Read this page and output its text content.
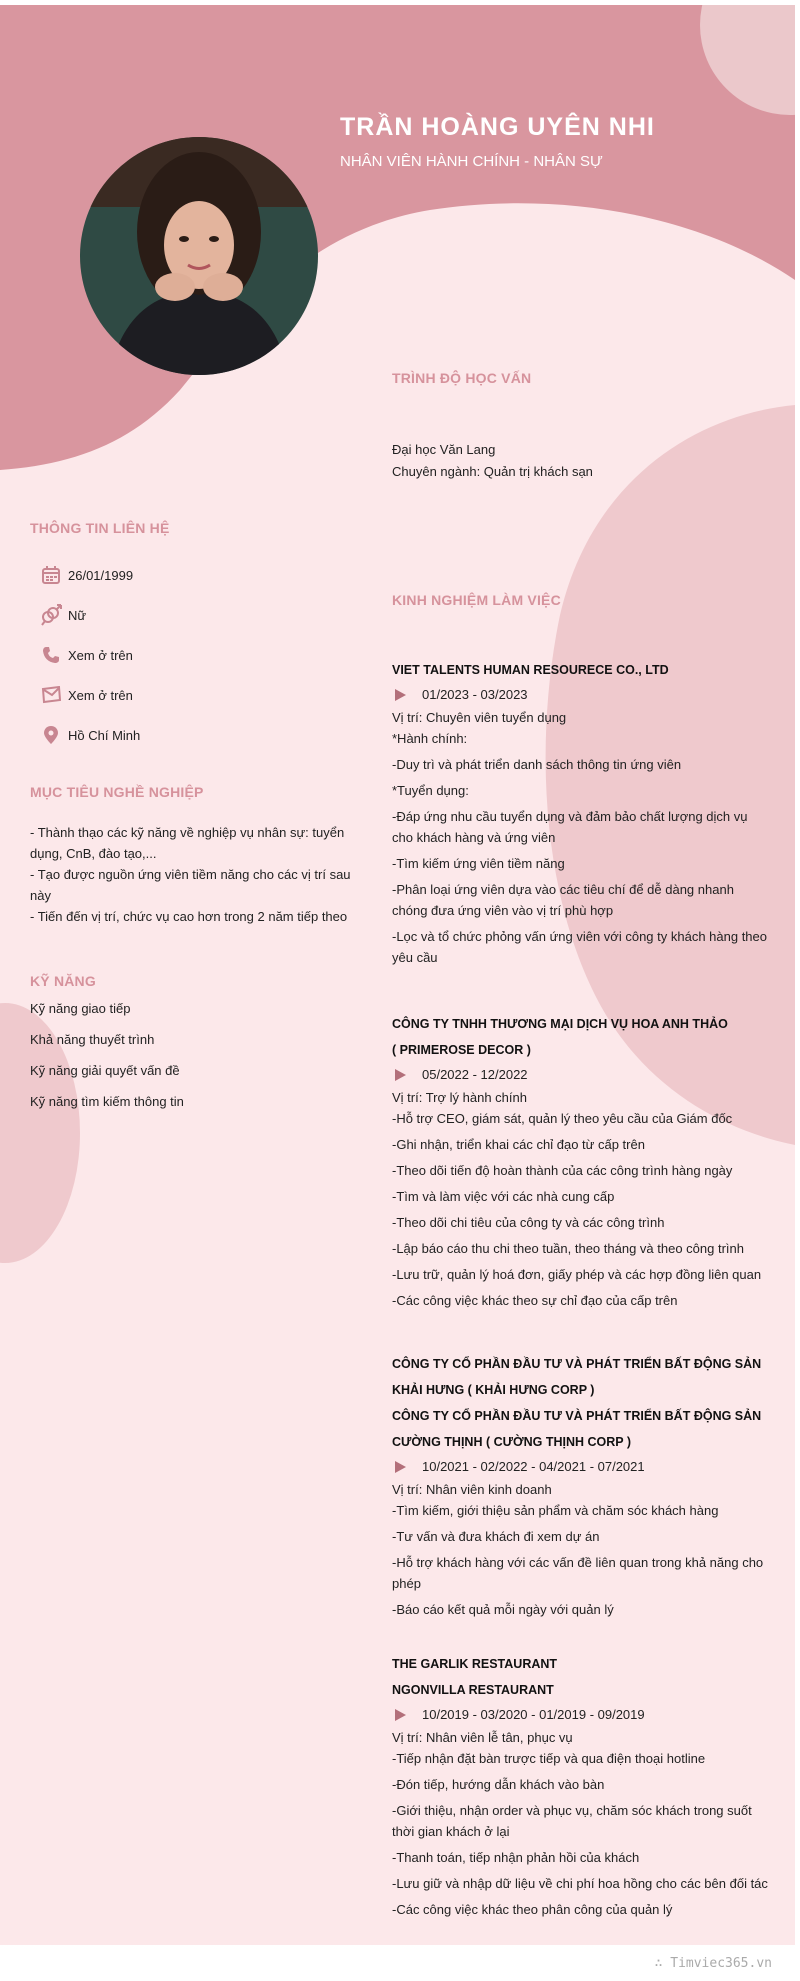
TRẦN HOÀNG UYÊN NHI
NHÂN VIÊN HÀNH CHÍNH - NHÂN SỰ
THÔNG TIN LIÊN HỆ
26/01/1999
Nữ
Xem ở trên
Xem ở trên
Hồ Chí Minh
MỤC TIÊU NGHỀ NGHIỆP
- Thành thạo các kỹ năng về nghiệp vụ nhân sự: tuyển dụng, CnB, đào tạo,...
- Tạo được nguồn ứng viên tiềm năng cho các vị trí sau này
- Tiến đến vị trí, chức vụ cao hơn trong 2 năm tiếp theo
KỸ NĂNG
Kỹ năng giao tiếp
Khả năng thuyết trình
Kỹ năng giải quyết vấn đề
Kỹ năng tìm kiếm thông tin
TRÌNH ĐỘ HỌC VẤN
Đại học Văn Lang
Chuyên ngành: Quản trị khách sạn
KINH NGHIỆM LÀM VIỆC
VIET TALENTS HUMAN RESOURECE CO., LTD
01/2023 - 03/2023
Vị trí: Chuyên viên tuyển dụng
*Hành chính:
-Duy trì và phát triển danh sách thông tin ứng viên
*Tuyển dụng:
-Đáp ứng nhu cầu tuyển dụng và đảm bảo chất lượng dịch vụ cho khách hàng và ứng viên
-Tìm kiếm ứng viên tiềm năng
-Phân loại ứng viên dựa vào các tiêu chí để dễ dàng nhanh chóng đưa ứng viên vào vị trí phù hợp
-Lọc và tổ chức phỏng vấn ứng viên với công ty khách hàng theo yêu cầu
CÔNG TY TNHH THƯƠNG MẠI DỊCH VỤ HOA ANH THẢO
( PRIMEROSE DECOR )
05/2022 - 12/2022
Vị trí: Trợ lý hành chính
-Hỗ trợ CEO, giám sát, quản lý theo yêu cầu của Giám đốc
-Ghi nhận, triển khai các chỉ đạo từ cấp trên
-Theo dõi tiến độ hoàn thành của các công trình hàng ngày
-Tìm và làm việc với các nhà cung cấp
-Theo dõi chi tiêu của công ty và các công trình
-Lập báo cáo thu chi theo tuần, theo tháng và theo công trình
-Lưu trữ, quản lý hoá đơn, giấy phép và các hợp đồng liên quan
-Các công việc khác theo sự chỉ đạo của cấp trên
CÔNG TY CỔ PHẦN ĐẦU TƯ VÀ PHÁT TRIỂN BẤT ĐỘNG SẢN KHẢI HƯNG ( KHẢI HƯNG CORP )
CÔNG TY CỔ PHẦN ĐẦU TƯ VÀ PHÁT TRIỂN BẤT ĐỘNG SẢN CƯỜNG THỊNH ( CƯỜNG THỊNH CORP )
10/2021 - 02/2022 - 04/2021 - 07/2021
Vị trí: Nhân viên kinh doanh
-Tìm kiếm, giới thiệu sản phẩm và chăm sóc khách hàng
-Tư vấn và đưa khách đi xem dự án
-Hỗ trợ khách hàng với các vấn đề liên quan trong khả năng cho phép
-Báo cáo kết quả mỗi ngày với quản lý
THE GARLIK RESTAURANT
NGONVILLA RESTAURANT
10/2019 - 03/2020 - 01/2019 - 09/2019
Vị trí: Nhân viên lễ tân, phục vụ
-Tiếp nhận đặt bàn trược tiếp và qua điện thoại hotline
-Đón tiếp, hướng dẫn khách vào bàn
-Giới thiệu, nhận order và phục vụ, chăm sóc khách trong suốt thời gian khách ở lại
-Thanh toán, tiếp nhận phản hồi của khách
-Lưu giữ và nhập dữ liệu về chi phí hoa hồng cho các bên đối tác
-Các công việc khác theo phân công của quản lý
∴ Timviec365.vn
